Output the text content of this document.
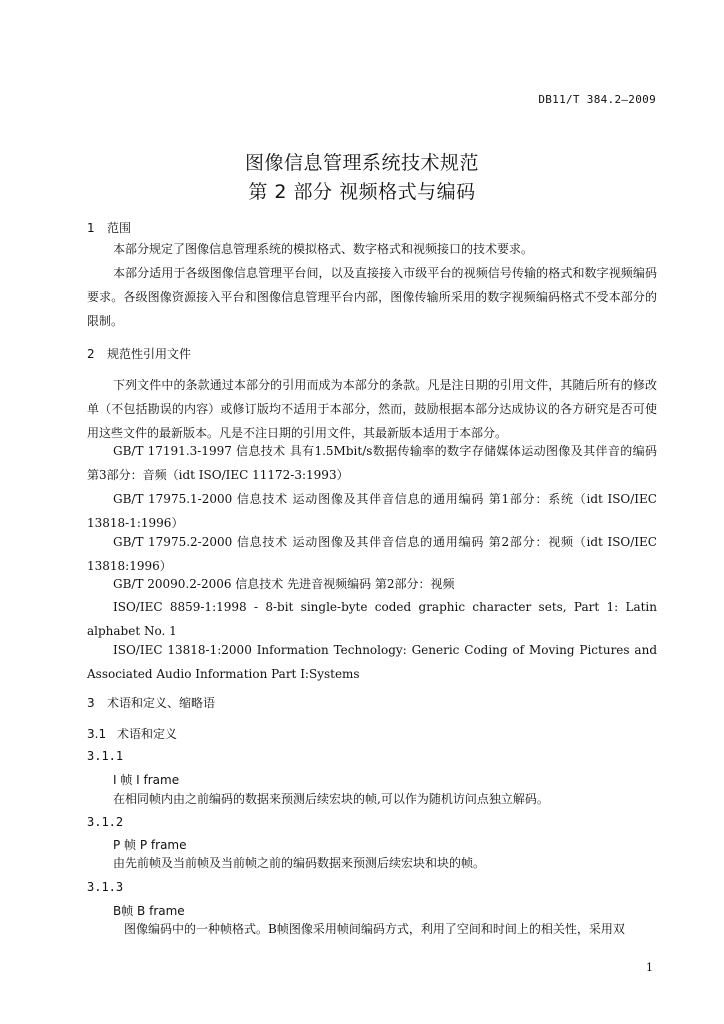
DB11/T 384.2—2009
图像信息管理系统技术规范
第 2 部分 视频格式与编码
1 范围
本部分规定了图像信息管理系统的模拟格式、数字格式和视频接口的技术要求。
本部分适用于各级图像信息管理平台间，以及直接接入市级平台的视频信号传输的格式和数字视频编码要求。各级图像资源接入平台和图像信息管理平台内部，图像传输所采用的数字视频编码格式不受本部分的限制。
2 规范性引用文件
下列文件中的条款通过本部分的引用而成为本部分的条款。凡是注日期的引用文件，其随后所有的修改单（不包括勘误的内容）或修订版均不适用于本部分，然而，鼓励根据本部分达成协议的各方研究是否可使用这些文件的最新版本。凡是不注日期的引用文件，其最新版本适用于本部分。
GB/T 17191.3-1997 信息技术 具有1.5Mbit/s数据传输率的数字存储媒体运动图像及其伴音的编码 第3部分：音频（idt ISO/IEC 11172-3:1993）
GB/T 17975.1-2000 信息技术 运动图像及其伴音信息的通用编码 第1部分：系统（idt ISO/IEC 13818-1:1996）
GB/T 17975.2-2000 信息技术 运动图像及其伴音信息的通用编码 第2部分：视频（idt ISO/IEC 13818:1996）
GB/T 20090.2-2006 信息技术 先进音视频编码 第2部分：视频
ISO/IEC 8859-1:1998 - 8-bit single-byte coded graphic character sets, Part 1: Latin alphabet No. 1
ISO/IEC 13818-1:2000 Information Technology: Generic Coding of Moving Pictures and Associated Audio Information Part I:Systems
3 术语和定义、缩略语
3.1 术语和定义
3.1.1
I 帧 I frame
在相同帧内由之前编码的数据来预测后续宏块的帧,可以作为随机访问点独立解码。
3.1.2
P 帧 P frame
由先前帧及当前帧及当前帧之前的编码数据来预测后续宏块和块的帧。
3.1.3
B帧 B frame
图像编码中的一种帧格式。B帧图像采用帧间编码方式，利用了空间和时间上的相关性，采用双
1
